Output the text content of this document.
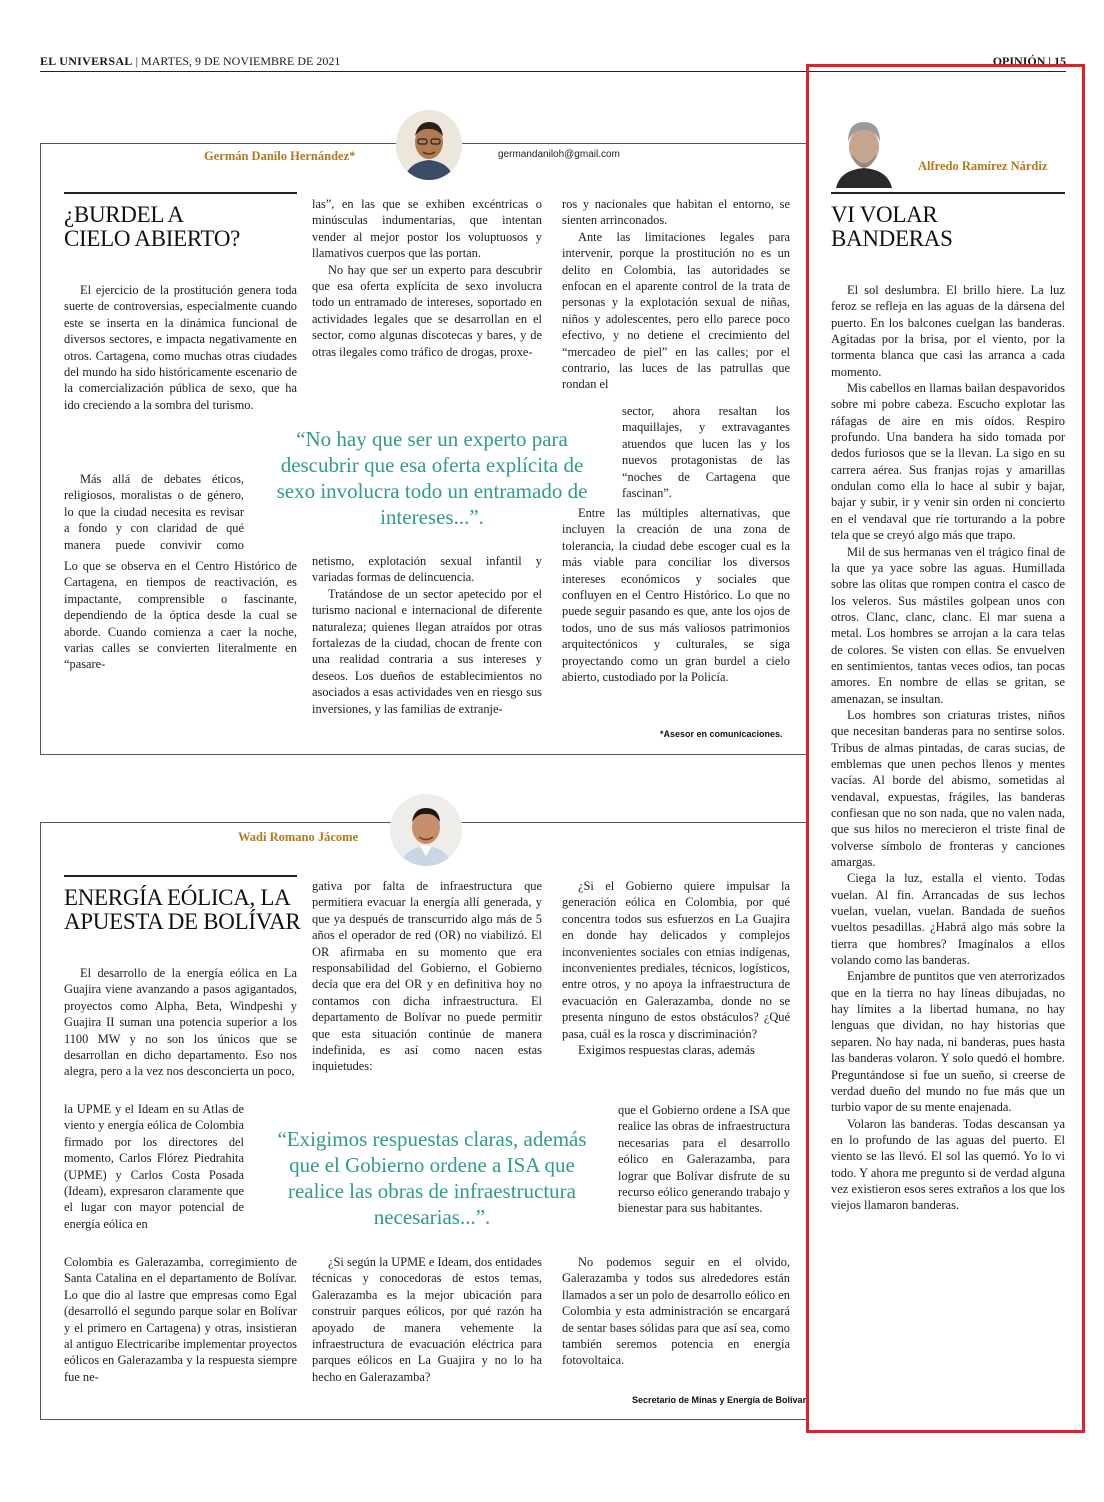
EL UNIVERSAL | MARTES, 9 DE NOVIEMBRE DE 2021	OPINIÓN | 15
Germán Danilo Hernández*	germandaniloh@gmail.com
¿BURDEL A
CIELO ABIERTO?

El ejercicio de la prostitución genera toda suerte de controversias, especialmente cuando este se inserta en la dinámica funcional de diversos sectores, e impacta negativamente en otros. Cartagena, como muchas otras ciudades del mundo ha sido históricamente escenario de la comercialización pública de sexo, que ha ido creciendo a la sombra del turismo.

Más allá de debates éticos, religiosos, moralistas o de género, lo que la ciudad necesita es revisar a fondo y con claridad de qué manera puede convivir como

Lo que se observa en el Centro Histórico de Cartagena, en tiempos de reactivación, es impactante, comprensible o fascinante, dependiendo de la óptica desde la cual se aborde. Cuando comienza a caer la noche, varias calles se convierten literalmente en “pasare-

las”, en las que se exhiben excéntricas o minúsculas indumentarias, que intentan vender al mejor postor los voluptuosos y llamativos cuerpos que las portan.

No hay que ser un experto para descubrir que esa oferta explícita de sexo involucra todo un entramado de intereses, soportado en actividades legales que se desarrollan en el sector, como algunas discotecas y bares, y de otras ilegales como tráfico de drogas, proxe-

netismo, explotación sexual infantil y variadas formas de delincuencia.

Tratándose de un sector apetecido por el turismo nacional e internacional de diferente naturaleza; quienes llegan atraídos por otras fortalezas de la ciudad, chocan de frente con una realidad contraria a sus intereses y deseos. Los dueños de establecimientos no asociados a esas actividades ven en riesgo sus inversiones, y las familias de extranje-

ros y nacionales que habitan el entorno, se sienten arrinconados.

Ante las limitaciones legales para intervenir, porque la prostitución no es un delito en Colombia, las autoridades se enfocan en el aparente control de la trata de personas y la explotación sexual de niñas, niños y adolescentes, pero ello parece poco efectivo, y no detiene el crecimiento del “mercadeo de piel” en las calles; por el contrario, las luces de las patrullas que rondan el

sector, ahora resaltan los maquillajes, y extravagantes atuendos que lucen las y los nuevos protagonistas de las “noches de Cartagena que fascinan”.

Entre las múltiples alternativas, que incluyen la creación de una zona de tolerancia, la ciudad debe escoger cual es la más viable para conciliar los diversos intereses económicos y sociales que confluyen en el Centro Histórico. Lo que no puede seguir pasando es que, ante los ojos de todos, uno de sus más valiosos patrimonios arquitectónicos y culturales, se siga proyectando como un gran burdel a cielo abierto, custodiado por la Policía.

“No hay que ser un experto para descubrir que esa oferta explícita de sexo involucra todo un entramado de intereses...”.
*Asesor en comunicaciones.
Wadi Romano Jácome
ENERGÍA EÓLICA, LA
APUESTA DE BOLÍVAR

El desarrollo de la energía eólica en La Guajira viene avanzando a pasos agigantados, proyectos como Alpha, Beta, Windpeshi y Guajira II suman una potencia superior a los 1100 MW y no son los únicos que se desarrollan en dicho departamento. Eso nos alegra, pero a la vez nos desconcierta un poco,

la UPME y el Ideam en su Atlas de viento y energía eólica de Colombia firmado por los directores del momento, Carlos Flórez Piedrahita (UPME) y Carlos Costa Posada (Ideam), expresaron claramente que el lugar con mayor potencial de energía eólica en

Colombia es Galerazamba, corregimiento de Santa Catalina en el departamento de Bolívar. Lo que dio al lastre que empresas como Egal (desarrolló el segundo parque solar en Bolívar y el primero en Cartagena) y otras, insistieran al antiguo Electricaribe implementar proyectos eólicos en Galerazamba y la respuesta siempre fue ne-

gativa por falta de infraestructura que permitiera evacuar la energía allí generada, y que ya después de transcurrido algo más de 5 años el operador de red (OR) no viabilizó. El OR afirmaba en su momento que era responsabilidad del Gobierno, el Gobierno decía que era del OR y en definitiva hoy no contamos con dicha infraestructura. El departamento de Bolívar no puede permitir que esta situación continúe de manera indefinida, es así como nacen estas inquietudes:

¿Si según la UPME e Ideam, dos entidades técnicas y conocedoras de estos temas, Galerazamba es la mejor ubicación para construir parques eólicos, por qué razón ha apoyado de manera vehemente la infraestructura de evacuación eléctrica para parques eólicos en La Guajira y no lo ha hecho en Galerazamba?

¿Si el Gobierno quiere impulsar la generación eólica en Colombia, por qué concentra todos sus esfuerzos en La Guajira en donde hay delicados y complejos inconvenientes sociales con etnias indígenas, inconvenientes prediales, técnicos, logísticos, entre otros, y no apoya la infraestructura de evacuación en Galerazamba, donde no se presenta ninguno de estos obstáculos? ¿Qué pasa, cuál es la rosca y discriminación?

Exigimos respuestas claras, además

que el Gobierno ordene a ISA que realice las obras de infraestructura necesarias para el desarrollo eólico en Galerazamba, para lograr que Bolívar disfrute de su recurso eólico generando trabajo y bienestar para sus habitantes.

No podemos seguir en el olvido, Galerazamba y todos sus alrededores están llamados a ser un polo de desarrollo eólico en Colombia y esta administración se encargará de sentar bases sólidas para que así sea, como también seremos potencia en energía fotovoltaica.

“Exigimos respuestas claras, además que el Gobierno ordene a ISA que realice las obras de infraestructura necesarias...”.
Secretario de Minas y Energía de Bolívar.
Alfredo Ramírez Nárdiz
VI VOLAR
BANDERAS

El sol deslumbra. El brillo hiere. La luz feroz se refleja en las aguas de la dársena del puerto. En los balcones cuelgan las banderas. Agitadas por la brisa, por el viento, por la tormenta blanca que casi las arranca a cada momento.

Mis cabellos en llamas bailan despavoridos sobre mi pobre cabeza. Escucho explotar las ráfagas de aire en mis oídos. Respiro profundo. Una bandera ha sido tomada por dedos furiosos que se la llevan. La sigo en su carrera aérea. Sus franjas rojas y amarillas ondulan como ella lo hace al subir y bajar, bajar y subir, ir y venir sin orden ni concierto en el vendaval que ríe torturando a la pobre tela que se creyó algo más que trapo.

Mil de sus hermanas ven el trágico final de la que ya yace sobre las aguas. Humillada sobre las olitas que rompen contra el casco de los veleros. Sus mástiles golpean unos con otros. Clanc, clanc, clanc. El mar suena a metal. Los hombres se arrojan a la cara telas de colores. Se visten con ellas. Se envuelven en sentimientos, tantas veces odios, tan pocas amores. En nombre de ellas se gritan, se amenazan, se insultan.

Los hombres son criaturas tristes, niños que necesitan banderas para no sentirse solos. Tribus de almas pintadas, de caras sucias, de emblemas que unen pechos llenos y mentes vacías. Al borde del abismo, sometidas al vendaval, expuestas, frágiles, las banderas confiesan que no son nada, que no valen nada, que sus hilos no merecieron el triste final de volverse símbolo de fronteras y canciones amargas.

Ciega la luz, estalla el viento. Todas vuelan. Al fin. Arrancadas de sus lechos vuelan, vuelan, vuelan. Bandada de sueños vueltos pesadillas. ¿Habrá algo más sobre la tierra que hombres? Imagínalos a ellos volando como las banderas.

Enjambre de puntitos que ven aterrorizados que en la tierra no hay líneas dibujadas, no hay límites a la libertad humana, no hay lenguas que dividan, no hay historias que separen. No hay nada, ni banderas, pues hasta las banderas volaron. Y solo quedó el hombre. Preguntándose si fue un sueño, si creerse de verdad dueño del mundo no fue más que un turbio vapor de su mente enajenada.

Volaron las banderas. Todas descansan ya en lo profundo de las aguas del puerto. El viento se las llevó. El sol las quemó. Yo lo vi todo. Y ahora me pregunto si de verdad alguna vez existieron esos seres extraños a los que los viejos llamaron banderas.
